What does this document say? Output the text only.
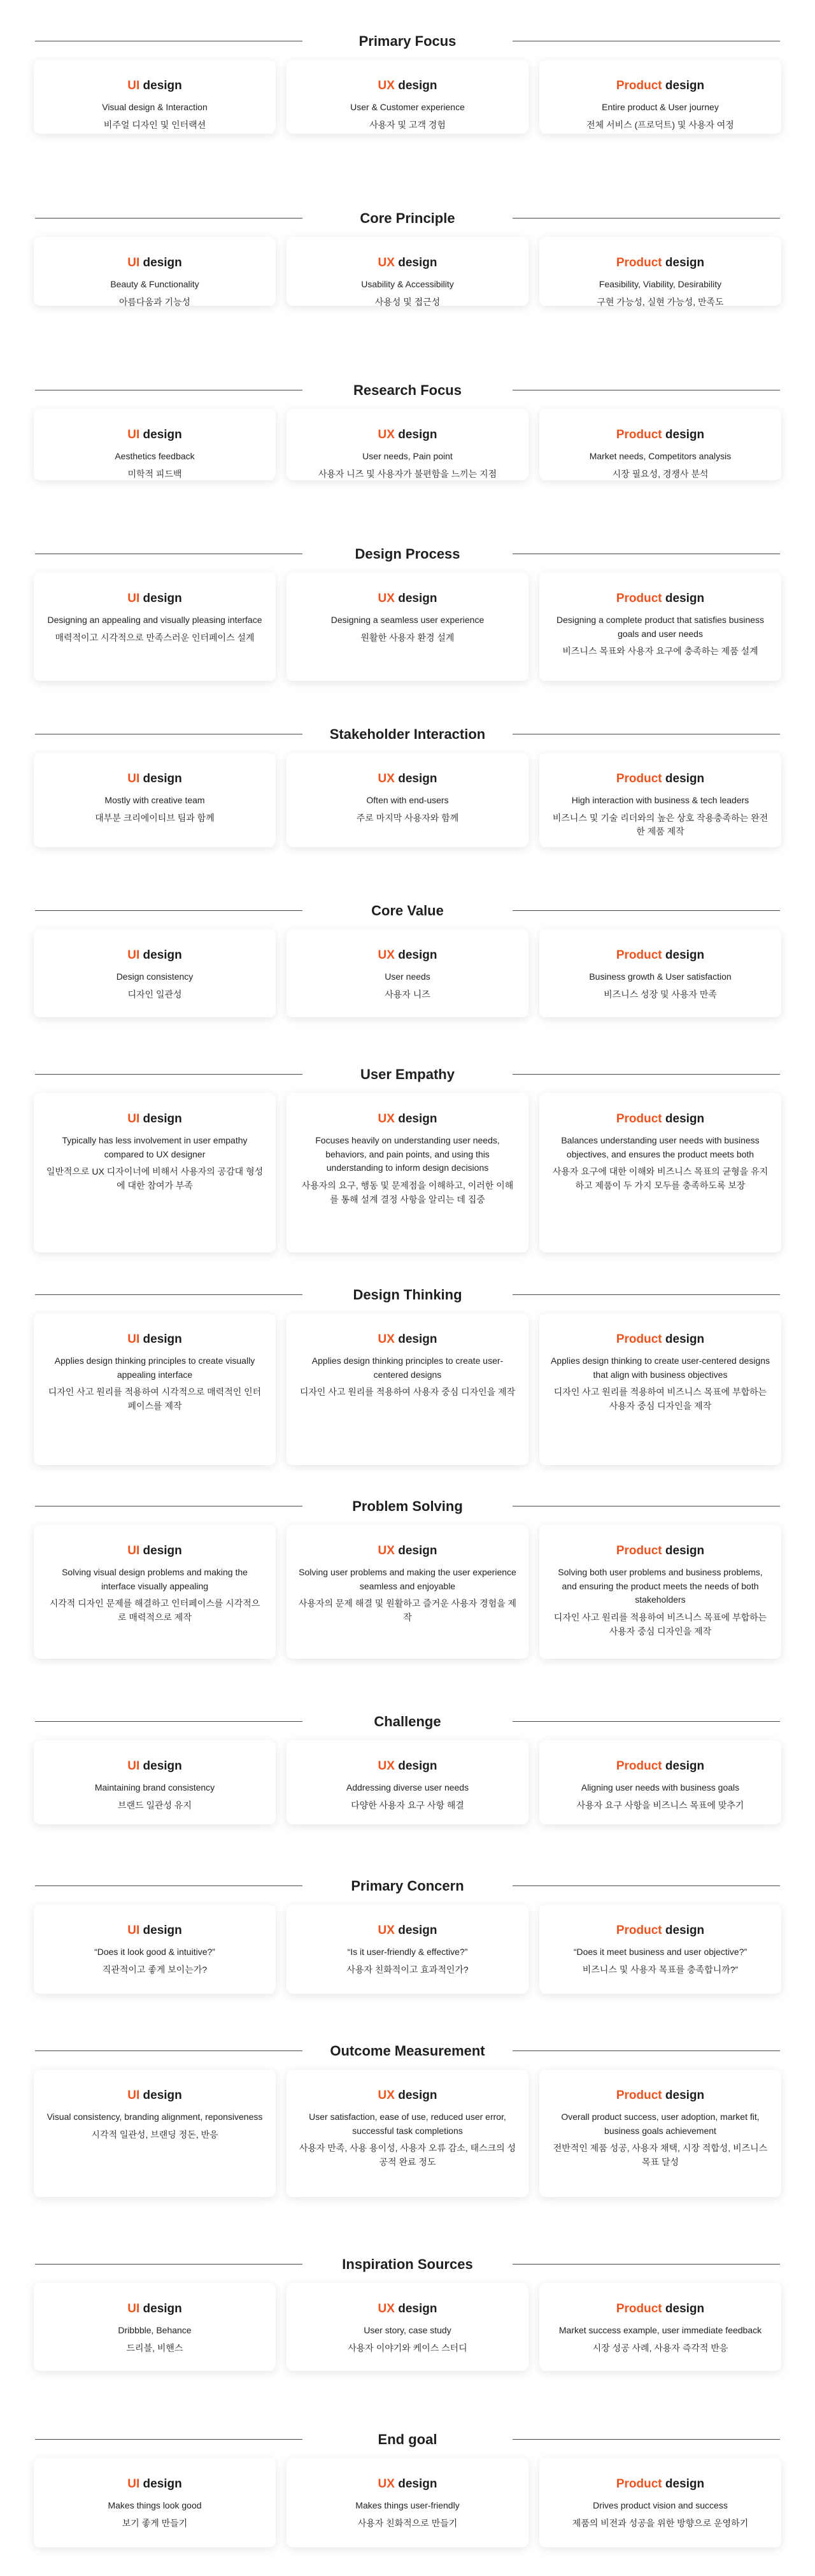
Primary Focus
UI design
Visual design & Interaction
비주얼 디자인 및 인터랙션
UX design
User & Customer experience
사용자 및 고객 경험
Product design
Entire product & User journey
전체 서비스 (프로덕트) 및 사용자 여정
Core Principle
UI design
Beauty & Functionality
아름다움과 기능성
UX design
Usability & Accessibility
사용성 및 접근성
Product design
Feasibility, Viability, Desirability
구현 가능성, 실현 가능성, 만족도
Research Focus
UI design
Aesthetics feedback
미학적 피드백
UX design
User needs, Pain point
사용자 니즈 및 사용자가 불편함을 느끼는 지점
Product design
Market needs, Competitors analysis
시장 필요성, 경쟁사 분석
Design Process
UI design
Designing an appealing and visually pleasing interface
매력적이고 시각적으로 만족스러운 인터페이스 설계
UX design
Designing a seamless user experience
원활한 사용자 환경 설계
Product design
Designing a complete product that satisfies business goals and user needs
비즈니스 목표와 사용자 요구에 충족하는 제품 설계
Stakeholder Interaction
UI design
Mostly with creative team
대부분 크리에이티브 팀과 함께
UX design
Often with end-users
주로 마지막 사용자와 함께
Product design
High interaction with business & tech leaders
비즈니스 및 기술 리더와의 높은 상호 작용충족하는 완전한 제품 제작
Core Value
UI design
Design consistency
디자인 일관성
UX design
User needs
사용자 니즈
Product design
Business growth & User satisfaction
비즈니스 성장 및 사용자 만족
User Empathy
UI design
Typically has less involvement in user empathy compared to UX designer
일반적으로 UX 디자이너에 비해서 사용자의 공감대 형성에 대한 참여가 부족
UX design
Focuses heavily on understanding user needs, behaviors, and pain points, and using this understanding to inform design decisions
사용자의 요구, 행동 및 문제점을 이해하고, 이러한 이해를 통해 설계 결정 사항을 알리는 데 집중
Product design
Balances understanding user needs with business objectives, and ensures the product meets both
사용자 요구에 대한 이해와 비즈니스 목표의 균형을 유지하고 제품이 두 가지 모두를 충족하도록 보장
Design Thinking
UI design
Applies design thinking principles to create visually appealing interface
디자인 사고 원리를 적용하여 시각적으로 매력적인 인터페이스를 제작
UX design
Applies design thinking principles to create user-centered designs
디자인 사고 원리를 적용하여 사용자 중심 디자인을 제작
Product design
Applies design thinking to create user-centered designs that align with business objectives
디자인 사고 원리를 적용하여 비즈니스 목표에 부합하는 사용자 중심 디자인을 제작
Problem Solving
UI design
Solving visual design problems and making the interface visually appealing
시각적 디자인 문제를 해결하고 인터페이스를 시각적으로 매력적으로 제작
UX design
Solving user problems and making the user experience seamless and enjoyable
사용자의 문제 해결 및 원활하고 즐거운 사용자 경험을 제작
Product design
Solving both user problems and business problems, and ensuring the product meets the needs of both stakeholders
디자인 사고 원리를 적용하여 비즈니스 목표에 부합하는 사용자 중심 디자인을 제작
Challenge
UI design
Maintaining brand consistency
브랜드 일관성 유지
UX design
Addressing diverse user needs
다양한 사용자 요구 사항 해결
Product design
Aligning user needs with business goals
사용자 요구 사항을 비즈니스 목표에 맞추기
Primary Concern
UI design
“Does it look good & intuitive?”
직관적이고 좋게 보이는가?
UX design
“Is it user-friendly & effective?”
사용자 친화적이고 효과적인가?
Product design
“Does it meet business and user objective?”
비즈니스 및 사용자 목표를 충족합니까?”
Outcome Measurement
UI design
Visual consistency, branding alignment, reponsiveness
시각적 일관성, 브랜딩 정돈, 반응
UX design
User satisfaction, ease of use, reduced user error, successful task completions
사용자 만족, 사용 용이성, 사용자 오류 감소, 태스크의 성공적 완료 정도
Product design
Overall product success, user adoption, market fit, business goals achievement
전반적인 제품 성공, 사용자 채택, 시장 적합성, 비즈니스 목표 달성
Inspiration Sources
UI design
Dribbble, Behance
드리블, 비핸스
UX design
User story, case study
사용자 이야기와 케이스 스터디
Product design
Market success example, user immediate feedback
시장 성공 사례, 사용자 즉각적 반응
End goal
UI design
Makes things look good
보기 좋게 만들기
UX design
Makes things user-friendly
사용자 친화적으로 만들기
Product design
Drives product vision and success
제품의 비전과 성공을 위한 방향으로 운영하기
